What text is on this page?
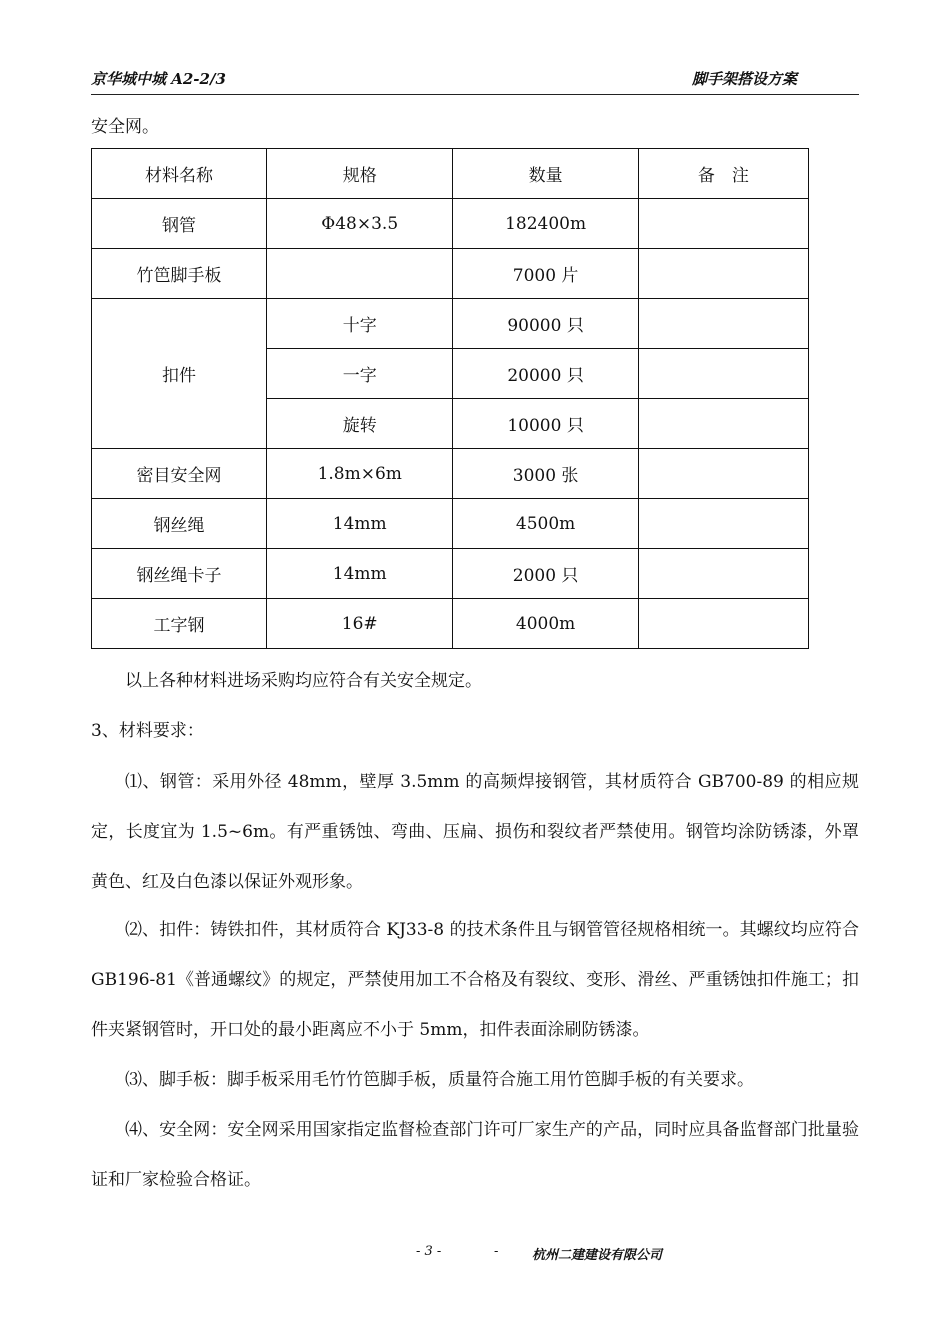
京华城中城 A2-2/3	脚手架搭设方案
安全网。
材料名称	规格	数量	备　注
钢管	Φ48×3.5	182400m	
竹笆脚手板		7000 片	
扣件	十字	90000 只	
	一字	20000 只	
	旋转	10000 只	
密目安全网	1.8m×6m	3000 张	
钢丝绳	14mm	4500m	
钢丝绳卡子	14mm	2000 只	
工字钢	16#	4000m	
以上各种材料进场采购均应符合有关安全规定。
3、材料要求：
⑴、钢管：采用外径 48mm，壁厚 3.5mm 的高频焊接钢管，其材质符合 GB700-89 的相应规定，长度宜为 1.5~6m。有严重锈蚀、弯曲、压扁、损伤和裂纹者严禁使用。钢管均涂防锈漆，外罩黄色、红及白色漆以保证外观形象。
⑵、扣件：铸铁扣件，其材质符合 KJ33-8 的技术条件且与钢管管径规格相统一。其螺纹均应符合 GB196-81《普通螺纹》的规定，严禁使用加工不合格及有裂纹、变形、滑丝、严重锈蚀扣件施工；扣件夹紧钢管时，开口处的最小距离应不小于 5mm，扣件表面涂刷防锈漆。
⑶、脚手板：脚手板采用毛竹竹笆脚手板，质量符合施工用竹笆脚手板的有关要求。
⑷、安全网：安全网采用国家指定监督检查部门许可厂家生产的产品，同时应具备监督部门批量验证和厂家检验合格证。
- 3 -	-	杭州二建建设有限公司
